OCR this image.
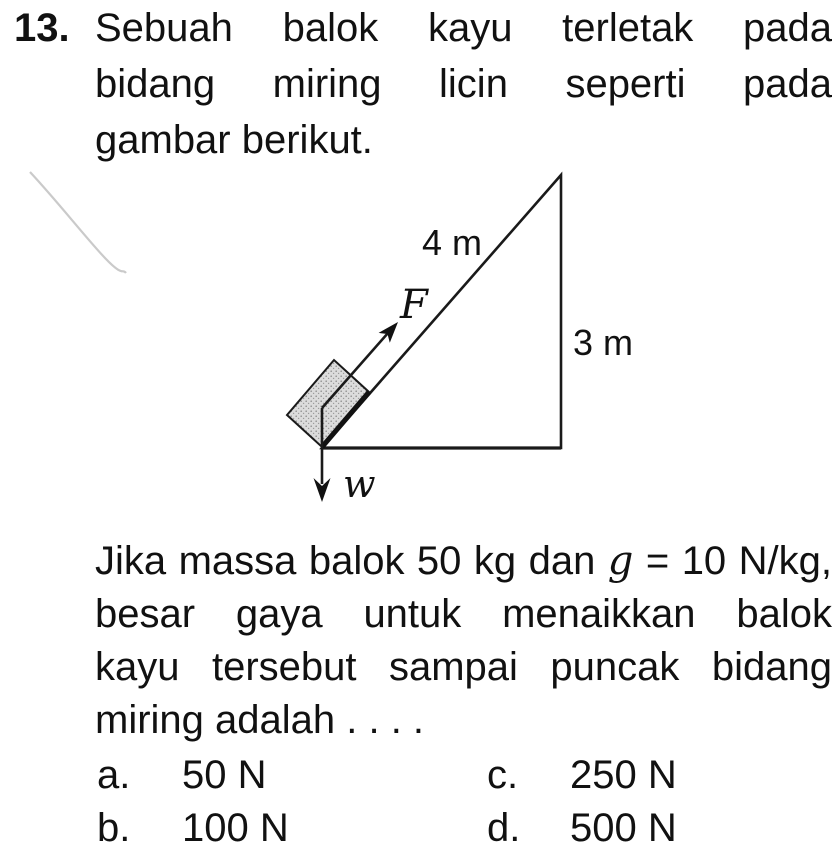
13. Sebuah balok kayu terletak pada
bidang miring licin seperti pada
gambar berikut.
4 m
3 m
F
w
Jika massa balok 50 kg dan g = 10 N/kg,
besar gaya untuk menaikkan balok
kayu tersebut sampai puncak bidang
miring adalah . . . .
a.	50 N	c.	250 N
b.	100 N	d.	500 N
